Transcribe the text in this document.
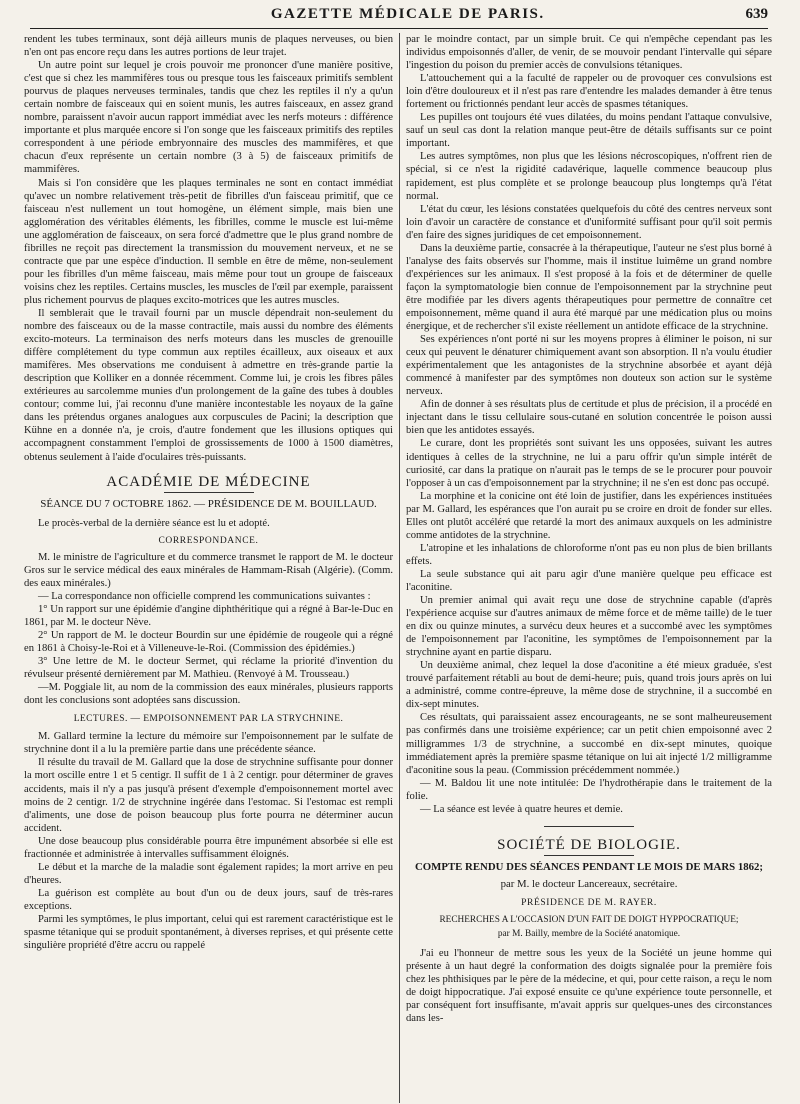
GAZETTE MÉDICALE DE PARIS.	639

rendent les tubes terminaux, sont déjà ailleurs munis de plaques nerveuses, ou bien n'en ont pas encore reçu dans les autres portions de leur trajet.

Un autre point sur lequel je crois pouvoir me prononcer d'une manière positive, c'est que si chez les mammifères tous ou presque tous les faisceaux primitifs semblent pourvus de plaques nerveuses terminales, tandis que chez les reptiles il n'y a qu'un certain nombre de faisceaux qui en soient munis, les autres faisceaux, en assez grand nombre, paraissent n'avoir aucun rapport immédiat avec les nerfs moteurs : différence importante et plus marquée encore si l'on songe que les faisceaux primitifs des reptiles correspondent à une période embryonnaire des muscles des mammifères, et que chacun d'eux représente un certain nombre (3 à 5) de faisceaux primitifs de mammifères.

Mais si l'on considère que les plaques terminales ne sont en contact immédiat qu'avec un nombre relativement très-petit de fibrilles d'un faisceau primitif, que ce faisceau n'est nullement un tout homogène, un élément simple, mais bien une agglomération des véritables éléments, les fibrilles, comme le muscle est lui-même une agglomération de faisceaux, on sera forcé d'admettre que le plus grand nombre de fibrilles ne reçoit pas directement la transmission du mouvement nerveux, et ne se contracte que par une espèce d'induction. Il semble en être de même, non-seulement pour les fibrilles d'un même faisceau, mais même pour tout un groupe de faisceaux voisins chez les reptiles. Certains muscles, les muscles de l'œil par exemple, paraissent plus richement pourvus de plaques excito-motrices que les autres muscles.

Il semblerait que le travail fourni par un muscle dépendrait non-seulement du nombre des faisceaux ou de la masse contractile, mais aussi du nombre des éléments excito-moteurs. La terminaison des nerfs moteurs dans les muscles de grenouille diffère complétement du type commun aux reptiles écailleux, aux oiseaux et aux mamifères. Mes observations me conduisent à admettre en très-grande partie la description que Kolliker en a donnée récemment. Comme lui, je crois les fibres pâles extérieures au sarcolemme munies d'un prolongement de la gaîne des tubes à doubles contour; comme lui, j'ai reconnu d'une manière incontestable les noyaux de la gaîne dans les prétendus organes analogues aux corpuscules de Pacini; la description que Kühne en a donnée n'a, je crois, d'autre fondement que les illusions optiques qui accompagnent constamment l'emploi de grossissements de 1000 à 1500 diamètres, obtenus seulement à l'aide d'oculaires très-puissants.

ACADÉMIE DE MÉDECINE
SÉANCE DU 7 OCTOBRE 1862. — PRÉSIDENCE DE M. BOUILLAUD.

Le procès-verbal de la dernière séance est lu et adopté.

CORRESPONDANCE.

M. le ministre de l'agriculture et du commerce transmet le rapport de M. le docteur Gros sur le service médical des eaux minérales de Hammam-Risah (Algérie). (Comm. des eaux minérales.)

— La correspondance non officielle comprend les communications suivantes :

1° Un rapport sur une épidémie d'angine diphthéritique qui a régné à Bar-le-Duc en 1861, par M. le docteur Nève.

2° Un rapport de M. le docteur Bourdin sur une épidémie de rougeole qui a régné en 1861 à Choisy-le-Roi et à Villeneuve-le-Roi. (Commission des épidémies.)

3° Une lettre de M. le docteur Sermet, qui réclame la priorité d'invention du révulseur présenté dernièrement par M. Mathieu. (Renvoyé à M. Trousseau.)

—M. Poggiale lit, au nom de la commission des eaux minérales, plusieurs rapports dont les conclusions sont adoptées sans discussion.

LECTURES. — EMPOISONNEMENT PAR LA STRYCHNINE.

M. Gallard termine la lecture du mémoire sur l'empoisonnement par le sulfate de strychnine dont il a lu la première partie dans une précédente séance.

Il résulte du travail de M. Gallard que la dose de strychnine suffisante pour donner la mort oscille entre 1 et 5 centigr. Il suffit de 1 à 2 centigr. pour déterminer de graves accidents, mais il n'y a pas jusqu'à présent d'exemple d'empoisonnement mortel avec moins de 2 centigr. 1/2 de strychnine ingérée dans l'estomac. Si l'estomac est rempli d'aliments, une dose de poison beaucoup plus forte pourra ne déterminer aucun accident.

Une dose beaucoup plus considérable pourra être impunément absorbée si elle est fractionnée et administrée à intervalles suffisamment éloignés.

Le début et la marche de la maladie sont également rapides; la mort arrive en peu d'heures.

La guérison est complète au bout d'un ou de deux jours, sauf de très-rares exceptions.

Parmi les symptômes, le plus important, celui qui est rarement caractéristique est le spasme tétanique qui se produit spontanément, à diverses reprises, et qui présente cette singulière propriété d'être accru ou rappelé

par le moindre contact, par un simple bruit. Ce qui n'empêche cependant pas les individus empoisonnés d'aller, de venir, de se mouvoir pendant l'intervalle qui sépare l'ingestion du poison du premier accès de convulsions tétaniques.

L'attouchement qui a la faculté de rappeler ou de provoquer ces convulsions est loin d'être douloureux et il n'est pas rare d'entendre les malades demander à être tenus fortement ou frictionnés pendant leur accès de spasmes tétaniques.

Les pupilles ont toujours été vues dilatées, du moins pendant l'attaque convulsive, sauf un seul cas dont la relation manque peut-être de détails suffisants sur ce point important.

Les autres symptômes, non plus que les lésions nécroscopiques, n'offrent rien de spécial, si ce n'est la rigidité cadavérique, laquelle commence beaucoup plus rapidement, est plus complète et se prolonge beaucoup plus longtemps qu'à l'état normal.

L'état du cœur, les lésions constatées quelquefois du côté des centres nerveux sont loin d'avoir un caractère de constance et d'uniformité suffisant pour qu'il soit permis d'en faire des signes juridiques de cet empoisonnement.

Dans la deuxième partie, consacrée à la thérapeutique, l'auteur ne s'est plus borné à l'analyse des faits observés sur l'homme, mais il institue luimême un grand nombre d'expériences sur les animaux. Il s'est proposé à la fois et de déterminer de quelle façon la symptomatologie bien connue de l'empoisonnement par la strychnine peut être modifiée par les divers agents thérapeutiques pour permettre de connaître cet empoisonnement, même quand il aura été marqué par une médication plus ou moins énergique, et de rechercher s'il existe réellement un antidote efficace de la strychnine.

Ses expériences n'ont porté ni sur les moyens propres à éliminer le poison, ni sur ceux qui peuvent le dénaturer chimiquement avant son absorption. Il n'a voulu étudier expérimentalement que les antagonistes de la strychnine absorbée et ayant déjà commencé à manifester par des symptômes non douteux son action sur le système nerveux.

Afin de donner à ses résultats plus de certitude et plus de précision, il a procédé en injectant dans le tissu cellulaire sous-cutané en solution concentrée le poison aussi bien que les antidotes essayés.

Le curare, dont les propriétés sont suivant les uns opposées, suivant les autres identiques à celles de la strychnine, ne lui a paru offrir qu'un simple intérêt de curiosité, car dans la pratique on n'aurait pas le temps de se le procurer pour pouvoir l'opposer à un cas d'empoisonnement par la strychnine; il ne s'en est donc pas occupé.

La morphine et la conicine ont été loin de justifier, dans les expériences instituées par M. Gallard, les espérances que l'on aurait pu se croire en droit de fonder sur elles. Elles ont plutôt accéléré que retardé la mort des animaux auxquels on les administre comme antidotes de la strychnine.

L'atropine et les inhalations de chloroforme n'ont pas eu non plus de bien brillants effets.

La seule substance qui ait paru agir d'une manière quelque peu efficace est l'aconitine.

Un premier animal qui avait reçu une dose de strychnine capable (d'après l'expérience acquise sur d'autres animaux de même force et de même taille) de le tuer en dix ou quinze minutes, a survécu deux heures et a succombé avec les symptômes de l'empoisonnement par l'aconitine, les symptômes de l'empoisonnement par la strychnine ayant en partie disparu.

Un deuxième animal, chez lequel la dose d'aconitine a été mieux graduée, s'est trouvé parfaitement rétabli au bout de demi-heure; puis, quand trois jours après on lui a administré, comme contre-épreuve, la même dose de strychnine, il a succombé en dix-sept minutes.

Ces résultats, qui paraissaient assez encourageants, ne se sont malheureusement pas confirmés dans une troisième expérience; car un petit chien empoisonné avec 2 milligrammes 1/3 de strychnine, a succombé en dix-sept minutes, quoique immédiatement après la première spasme tétanique on lui ait injecté 1/2 milligramme d'aconitine sous la peau. (Commission précédemment nommée.)

— M. Baldou lit une note intitulée: De l'hydrothérapie dans le traitement de la folie.

— La séance est levée à quatre heures et demie.

SOCIÉTÉ DE BIOLOGIE.
COMPTE RENDU DES SÉANCES PENDANT LE MOIS DE MARS 1862;
par M. le docteur Lancereaux, secrétaire.
PRÉSIDENCE DE M. RAYER.
RECHERCHES A L'OCCASION D'UN FAIT DE DOIGT HYPPOCRATIQUE;
par M. Bailly, membre de la Société anatomique.

J'ai eu l'honneur de mettre sous les yeux de la Société un jeune homme qui présente à un haut degré la conformation des doigts signalée pour la première fois chez les phthisiques par le père de la médecine, et qui, pour cette raison, a reçu le nom de doigt hippocratique. J'ai exposé ensuite ce qu'une expérience toute personnelle, et par conséquent fort insuffisante, m'avait appris sur quelques-unes des circonstances dans les-
